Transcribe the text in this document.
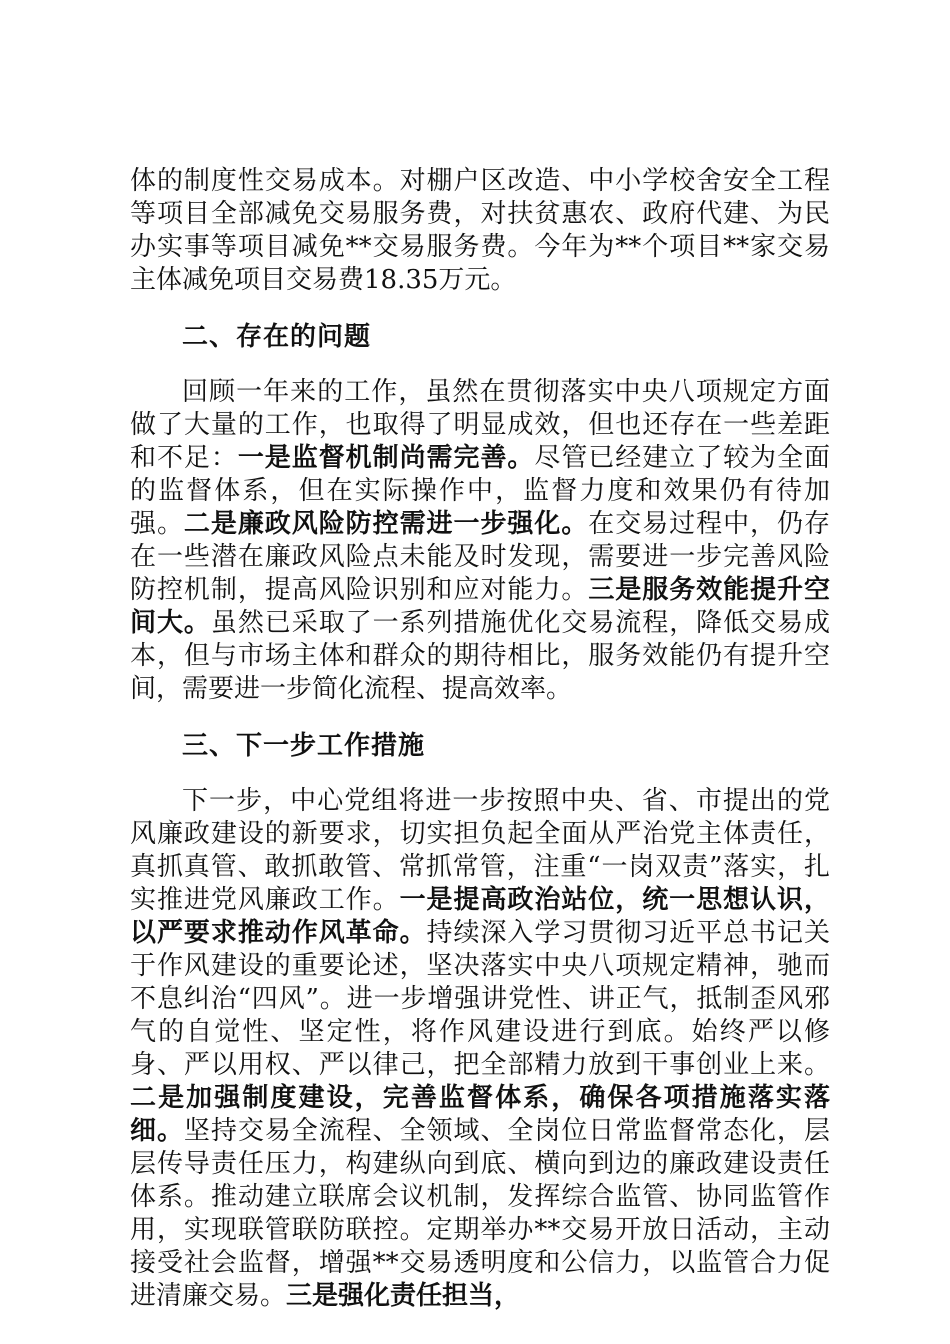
体的制度性交易成本。对棚户区改造、中小学校舍安全工程等项目全部减免交易服务费，对扶贫惠农、政府代建、为民办实事等项目减免**交易服务费。今年为**个项目**家交易主体减免项目交易费18.35万元。

二、存在的问题

回顾一年来的工作，虽然在贯彻落实中央八项规定方面做了大量的工作，也取得了明显成效，但也还存在一些差距和不足：一是监督机制尚需完善。尽管已经建立了较为全面的监督体系，但在实际操作中，监督力度和效果仍有待加强。二是廉政风险防控需进一步强化。在交易过程中，仍存在一些潜在廉政风险点未能及时发现，需要进一步完善风险防控机制，提高风险识别和应对能力。三是服务效能提升空间大。虽然已采取了一系列措施优化交易流程，降低交易成本，但与市场主体和群众的期待相比，服务效能仍有提升空间，需要进一步简化流程、提高效率。

三、下一步工作措施

下一步，中心党组将进一步按照中央、省、市提出的党风廉政建设的新要求，切实担负起全面从严治党主体责任，真抓真管、敢抓敢管、常抓常管，注重“一岗双责”落实，扎实推进党风廉政工作。一是提高政治站位，统一思想认识，以严要求推动作风革命。持续深入学习贯彻习近平总书记关于作风建设的重要论述，坚决落实中央八项规定精神，驰而不息纠治“四风”。进一步增强讲党性、讲正气，抵制歪风邪气的自觉性、坚定性，将作风建设进行到底。始终严以修身、严以用权、严以律己，把全部精力放到干事创业上来。二是加强制度建设，完善监督体系，确保各项措施落实落细。坚持交易全流程、全领域、全岗位日常监督常态化，层层传导责任压力，构建纵向到底、横向到边的廉政建设责任体系。推动建立联席会议机制，发挥综合监管、协同监管作用，实现联管联防联控。定期举办**交易开放日活动，主动接受社会监督，增强**交易透明度和公信力，以监管合力促进清廉交易。三是强化责任担当，
